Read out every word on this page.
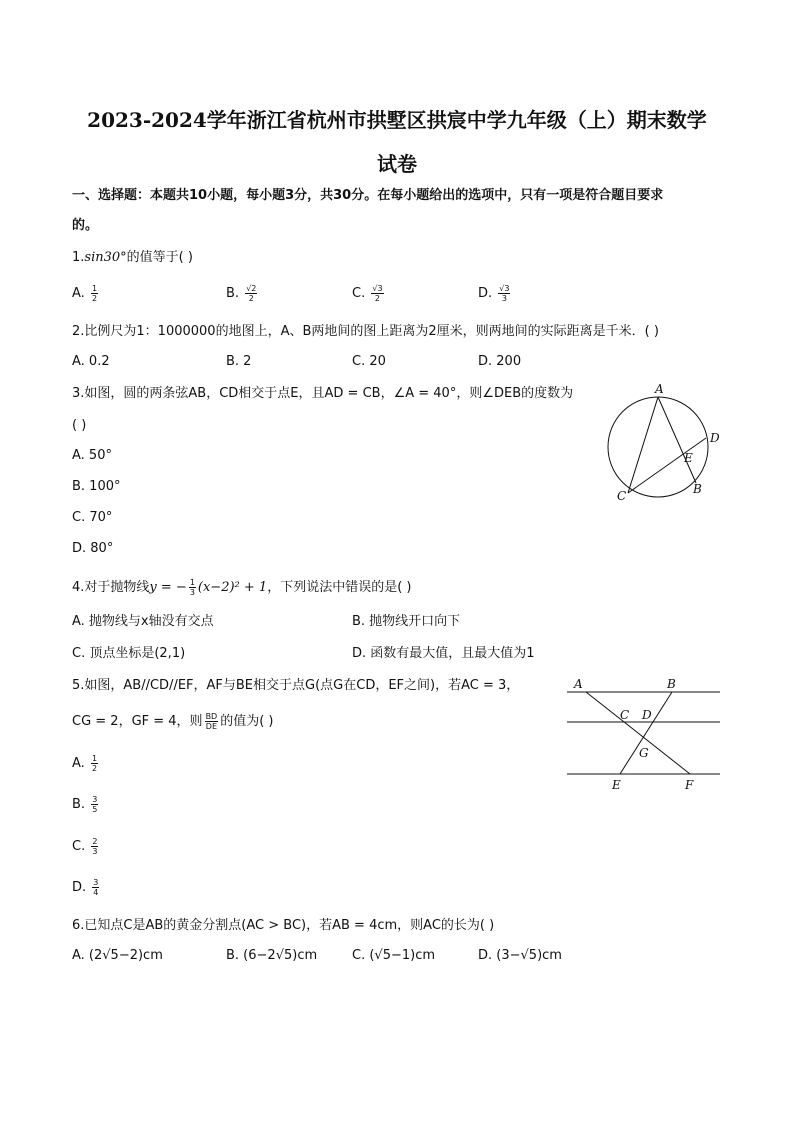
2023-2024学年浙江省杭州市拱墅区拱宸中学九年级（上）期末数学
试卷
一、选择题：本题共10小题，每小题3分，共30分。在每小题给出的选项中，只有一项是符合题目要求
的。
1.sin30°的值等于( )
A. $\frac{1}{2}$	B. $\frac{√2}{2}$	C. $\frac{√3}{2}$	D. $\frac{√3}{3}$
2.比例尺为1：1000000的地图上，A、B两地间的图上距离为2厘米，则两地间的实际距离是千米．( )
A. 0.2	B. 2	C. 20	D. 200
3.如图，圆的两条弦AB，CD相交于点E，且AD = CB，∠A = 40°，则∠DEB的度数为
( )
A. 50°
B. 100°
C. 70°
D. 80°
A
D
E
B
C
4.对于抛物线y = − $\frac{1}{3} (x-2)^2 + 1$，下列说法中错误的是( )
A. 抛物线与x轴没有交点	B. 抛物线开口向下
C. 顶点坐标是(2,1)	D. 函数有最大值，且最大值为1
5.如图，AB//CD//EF，AF与BE相交于点G(点G在CD，EF之间)，若AC = 3，
CG = 2，GF = 4，则 $\frac{BD}{DE}$ 的值为( )
A. $\frac{1}{2}$
B. $\frac{3}{5}$
C. $\frac{2}{3}$
D. $\frac{3}{4}$
A	B
C D
G
E	F
6.已知点C是AB的黄金分割点(AC > BC)，若AB = 4cm，则AC的长为( )
A. (2√5−2)cm	B. (6−2√5)cm	C. (√5−1)cm	D. (3−√5)cm
